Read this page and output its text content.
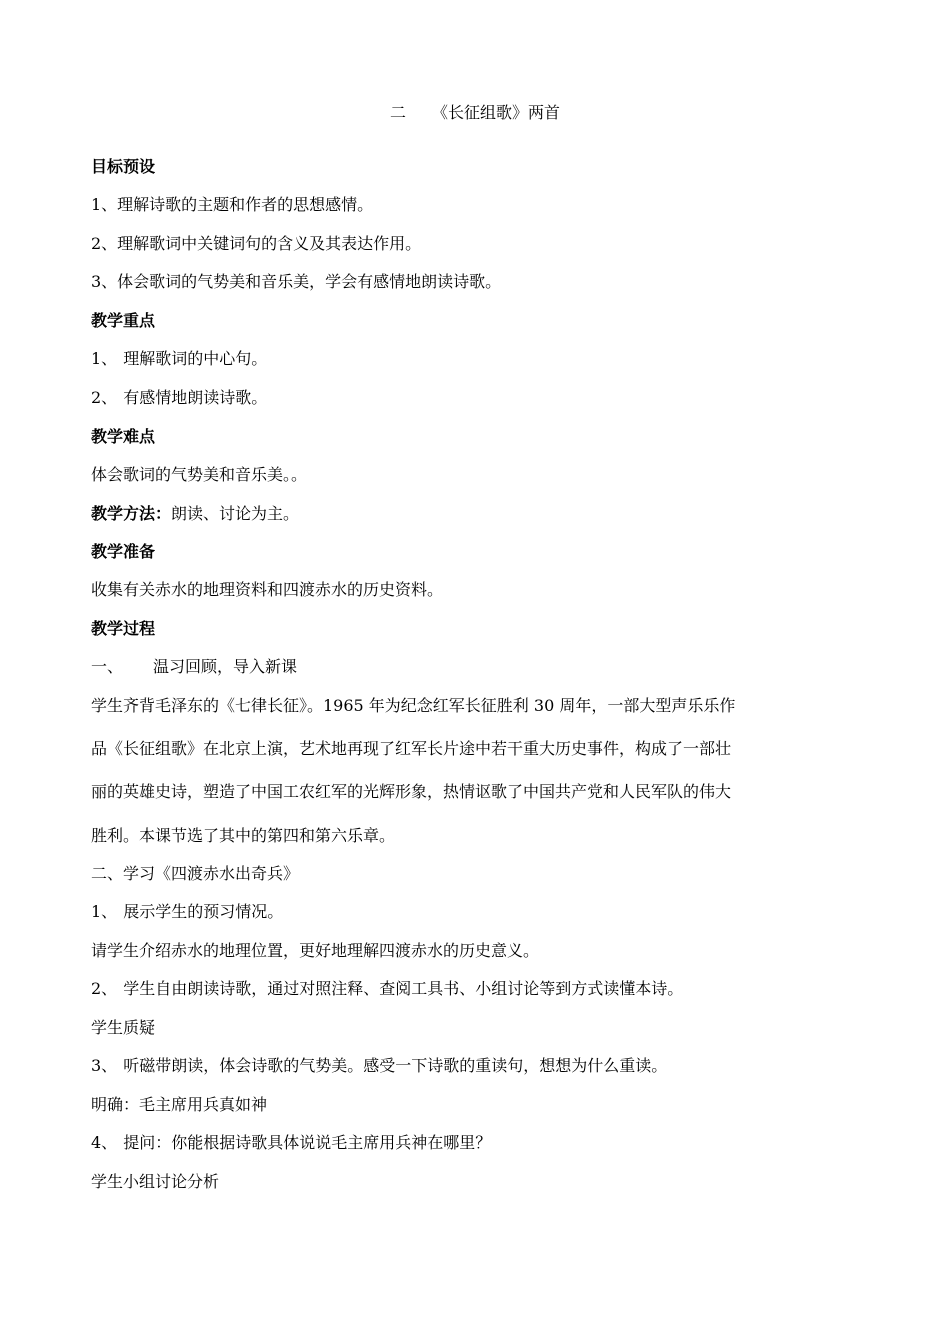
二 《长征组歌》两首
目标预设
1、理解诗歌的主题和作者的思想感情。
2、理解歌词中关键词句的含义及其表达作用。
3、体会歌词的气势美和音乐美，学会有感情地朗读诗歌。
教学重点
1、 理解歌词的中心句。
2、 有感情地朗读诗歌。
教学难点
体会歌词的气势美和音乐美。。
教学方法：朗读、讨论为主。
教学准备
收集有关赤水的地理资料和四渡赤水的历史资料。
教学过程
一、 温习回顾，导入新课
学生齐背毛泽东的《七律长征》。1965 年为纪念红军长征胜利 30 周年，一部大型声乐乐作
品《长征组歌》在北京上演，艺术地再现了红军长片途中若干重大历史事件，构成了一部壮
丽的英雄史诗，塑造了中国工农红军的光辉形象，热情讴歌了中国共产党和人民军队的伟大
胜利。本课节选了其中的第四和第六乐章。
二、学习《四渡赤水出奇兵》
1、 展示学生的预习情况。
请学生介绍赤水的地理位置，更好地理解四渡赤水的历史意义。
2、 学生自由朗读诗歌，通过对照注释、查阅工具书、小组讨论等到方式读懂本诗。
学生质疑
3、 听磁带朗读，体会诗歌的气势美。感受一下诗歌的重读句，想想为什么重读。
明确：毛主席用兵真如神
4、 提问：你能根据诗歌具体说说毛主席用兵神在哪里？
学生小组讨论分析
